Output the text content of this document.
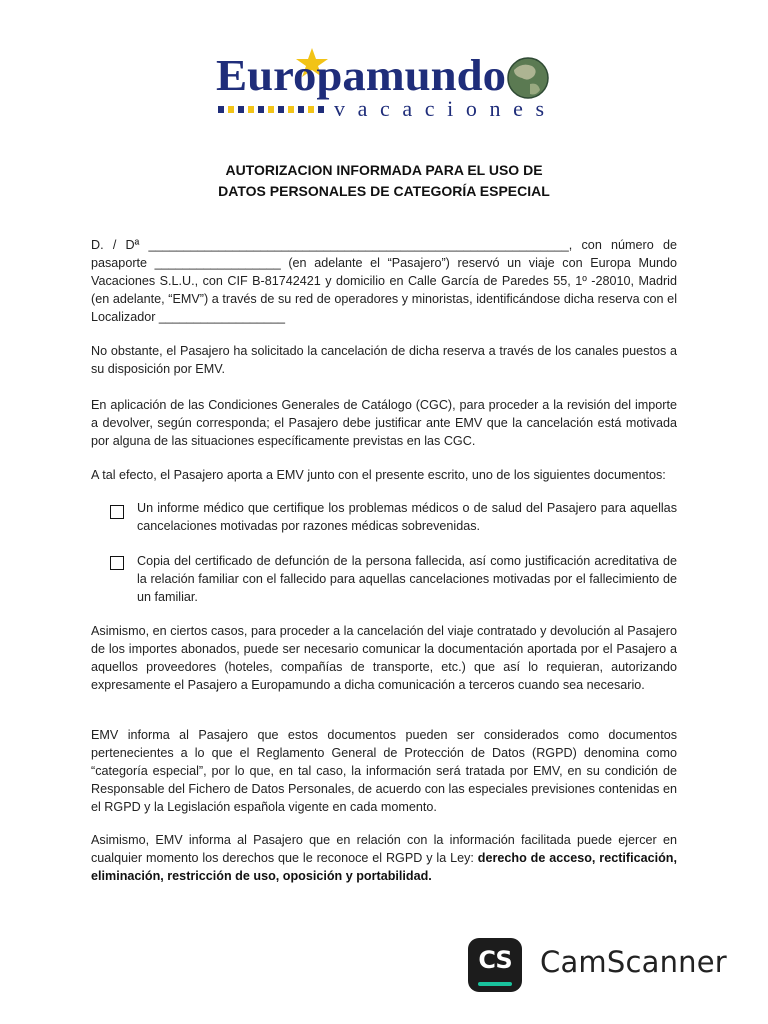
Europamundo
vacaciones
AUTORIZACION INFORMADA PARA EL USO DE
DATOS PERSONALES DE CATEGORÍA ESPECIAL
D. / Dª ____________________________________________________________, con número de
pasaporte __________________ (en adelante el “Pasajero”) reservó un viaje con Europa Mundo
Vacaciones S.L.U., con CIF B-81742421 y domicilio en Calle García de Paredes 55, 1º -28010, Madrid
(en adelante, “EMV”) a través de su red de operadores y minoristas, identificándose dicha reserva con el
Localizador __________________
No obstante, el Pasajero ha solicitado la cancelación de dicha reserva a través de los canales puestos a su disposición por EMV.
En aplicación de las Condiciones Generales de Catálogo (CGC), para proceder a la revisión del importe a devolver, según corresponda; el Pasajero debe justificar ante EMV que la cancelación está motivada por alguna de las situaciones específicamente previstas en las CGC.
A tal efecto, el Pasajero aporta a EMV junto con el presente escrito, uno de los siguientes documentos:
Un informe médico que certifique los problemas médicos o de salud del Pasajero para aquellas cancelaciones motivadas por razones médicas sobrevenidas.
Copia del certificado de defunción de la persona fallecida, así como justificación acreditativa de la relación familiar con el fallecido para aquellas cancelaciones motivadas por el fallecimiento de un familiar.
Asimismo, en ciertos casos, para proceder a la cancelación del viaje contratado y devolución al Pasajero de los importes abonados, puede ser necesario comunicar la documentación aportada por el Pasajero a aquellos proveedores (hoteles, compañías de transporte, etc.) que así lo requieran, autorizando expresamente el Pasajero a Europamundo a dicha comunicación a terceros cuando sea necesario.
EMV informa al Pasajero que estos documentos pueden ser considerados como documentos pertenecientes a lo que el Reglamento General de Protección de Datos (RGPD) denomina como “categoría especial”, por lo que, en tal caso, la información será tratada por EMV, en su condición de Responsable del Fichero de Datos Personales, de acuerdo con las especiales previsiones contenidas en el RGPD y la Legislación española vigente en cada momento.
Asimismo, EMV informa al Pasajero que en relación con la información facilitada puede ejercer en cualquier momento los derechos que le reconoce el RGPD y la Ley: derecho de acceso, rectificación, eliminación, restricción de uso, oposición y portabilidad.
CS CamScanner
